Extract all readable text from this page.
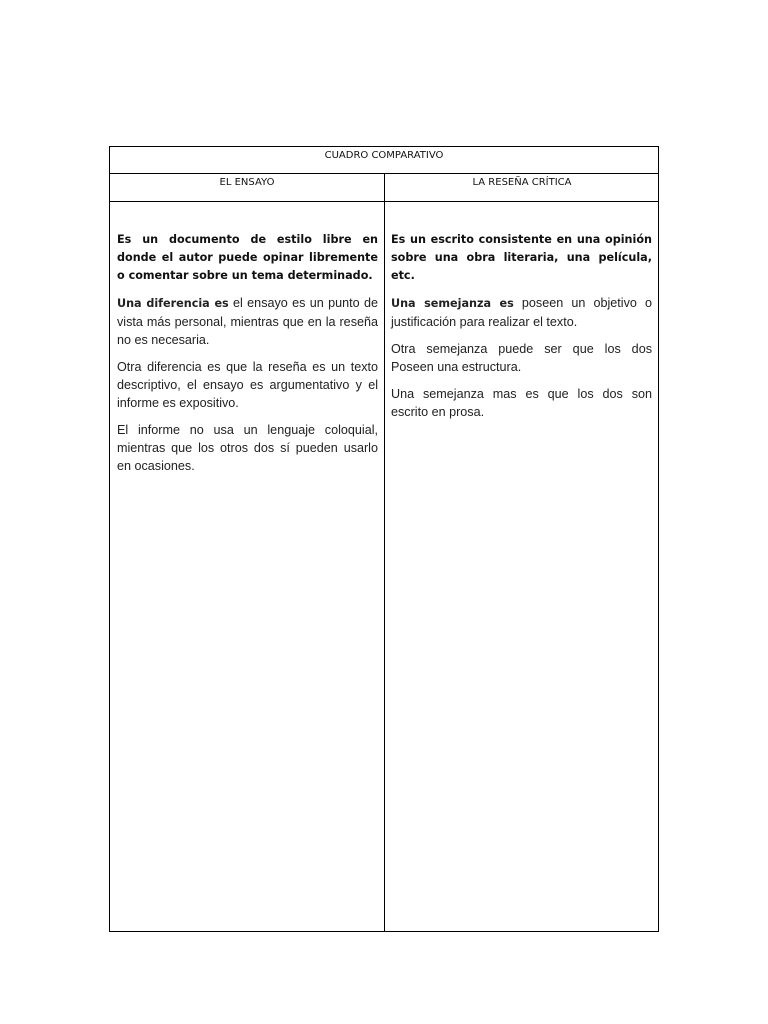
CUADRO COMPARATIVO
EL ENSAYO	LA RESEÑA CRÍTICA

Es un documento de estilo libre en donde el autor puede opinar libremente o comentar sobre un tema determinado.

Una diferencia es el ensayo es un punto de vista más personal, mientras que en la reseña no es necesaria.

Otra diferencia es que la reseña es un texto descriptivo, el ensayo es argumentativo y el informe es expositivo.

El informe no usa un lenguaje coloquial, mientras que los otros dos sí pueden usarlo en ocasiones.

Es un escrito consistente en una opinión sobre una obra literaria, una película, etc.

Una semejanza es poseen un objetivo o justificación para realizar el texto.

Otra semejanza puede ser que los dos Poseen una estructura.

Una semejanza mas es que los dos son escrito en prosa.
